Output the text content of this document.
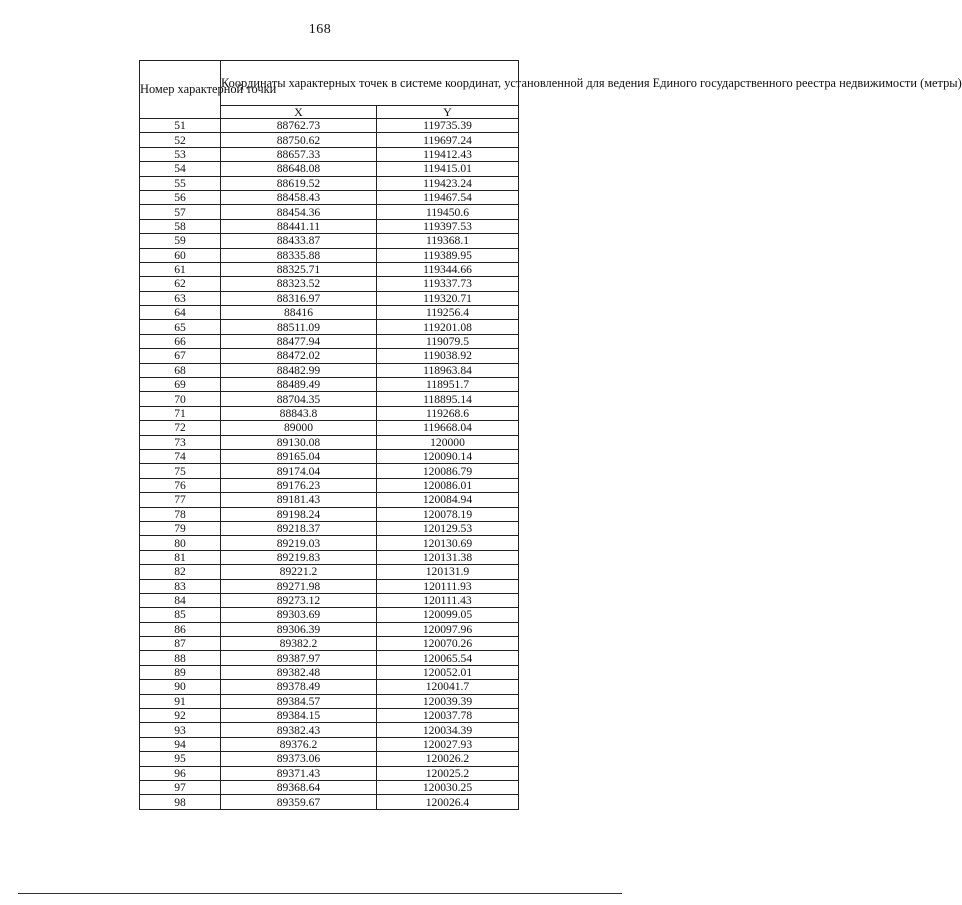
168
Номер характерной точки	Координаты характерных точек в системе координат, установленной для ведения Единого государственного реестра недвижимости (метры)	
	X	Y
51	88762.73	119735.39
52	88750.62	119697.24
53	88657.33	119412.43
54	88648.08	119415.01
55	88619.52	119423.24
56	88458.43	119467.54
57	88454.36	119450.6
58	88441.11	119397.53
59	88433.87	119368.1
60	88335.88	119389.95
61	88325.71	119344.66
62	88323.52	119337.73
63	88316.97	119320.71
64	88416	119256.4
65	88511.09	119201.08
66	88477.94	119079.5
67	88472.02	119038.92
68	88482.99	118963.84
69	88489.49	118951.7
70	88704.35	118895.14
71	88843.8	119268.6
72	89000	119668.04
73	89130.08	120000
74	89165.04	120090.14
75	89174.04	120086.79
76	89176.23	120086.01
77	89181.43	120084.94
78	89198.24	120078.19
79	89218.37	120129.53
80	89219.03	120130.69
81	89219.83	120131.38
82	89221.2	120131.9
83	89271.98	120111.93
84	89273.12	120111.43
85	89303.69	120099.05
86	89306.39	120097.96
87	89382.2	120070.26
88	89387.97	120065.54
89	89382.48	120052.01
90	89378.49	120041.7
91	89384.57	120039.39
92	89384.15	120037.78
93	89382.43	120034.39
94	89376.2	120027.93
95	89373.06	120026.2
96	89371.43	120025.2
97	89368.64	120030.25
98	89359.67	120026.4
